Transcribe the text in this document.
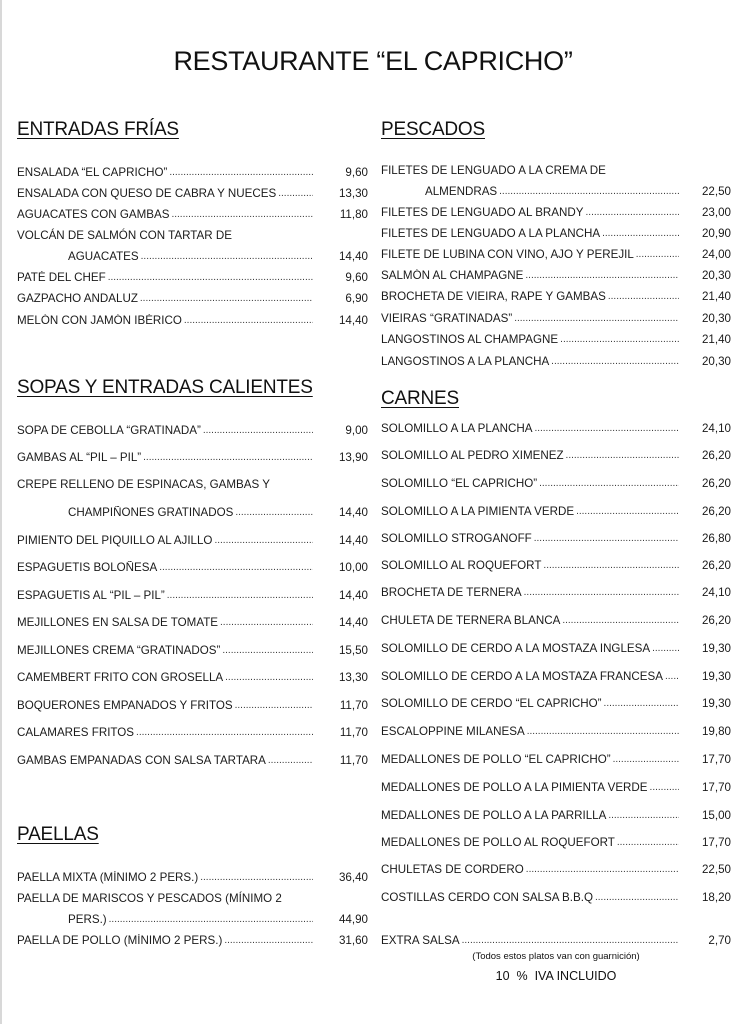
RESTAURANTE “EL CAPRICHO”
ENTRADAS FRÍAS
ENSALADA “EL CAPRICHO” .....	9,60
ENSALADA CON QUESO DE CABRA Y NUECES .....	13,30
AGUACATES CON GAMBAS .....	11,80
VOLCÁN DE SALMÓN CON TARTAR DE
AGUACATES .....	14,40
PATÉ DEL CHEF .....	9,60
GAZPACHO ANDALUZ .....	6,90
MELÓN CON JAMÓN IBÉRICO .....	14,40
SOPAS Y ENTRADAS CALIENTES
SOPA DE CEBOLLA “GRATINADA” .....	9,00
GAMBAS AL “PIL – PIL” .....	13,90
CREPE RELLENO DE ESPINACAS, GAMBAS Y
CHAMPIÑONES GRATINADOS .....	14,40
PIMIENTO DEL PIQUILLO AL AJILLO .....	14,40
ESPAGUETIS BOLOÑESA .....	10,00
ESPAGUETIS AL “PIL – PIL” .....	14,40
MEJILLONES EN SALSA DE TOMATE .....	14,40
MEJILLONES CREMA “GRATINADOS” .....	15,50
CAMEMBERT FRITO CON GROSELLA .....	13,30
BOQUERONES EMPANADOS Y FRITOS .....	11,70
CALAMARES FRITOS .....	11,70
GAMBAS EMPANADAS CON SALSA TARTARA .....	11,70
PAELLAS
PAELLA MIXTA (MÍNIMO 2 PERS.) .....	36,40
PAELLA DE MARISCOS Y PESCADOS (MÍNIMO 2
PERS.) .....	44,90
PAELLA DE POLLO (MÍNIMO 2 PERS.) .....	31,60
PESCADOS
FILETES DE LENGUADO A LA CREMA DE
ALMENDRAS .....	22,50
FILETES DE LENGUADO AL BRANDY .....	23,00
FILETES DE LENGUADO A LA PLANCHA .....	20,90
FILETE DE LUBINA CON VINO, AJO Y PEREJIL .....	24,00
SALMÓN AL CHAMPAGNE .....	20,30
BROCHETA DE VIEIRA, RAPE Y GAMBAS .....	21,40
VIEIRAS “GRATINADAS” .....	20,30
LANGOSTINOS AL CHAMPAGNE .....	21,40
LANGOSTINOS A LA PLANCHA .....	20,30
CARNES
SOLOMILLO A LA PLANCHA .....	24,10
SOLOMILLO AL PEDRO XIMENEZ .....	26,20
SOLOMILLO “EL CAPRICHO” .....	26,20
SOLOMILLO A LA PIMIENTA VERDE .....	26,20
SOLOMILLO STROGANOFF .....	26,80
SOLOMILLO AL ROQUEFORT .....	26,20
BROCHETA DE TERNERA .....	24,10
CHULETA DE TERNERA BLANCA .....	26,20
SOLOMILLO DE CERDO A LA MOSTAZA INGLESA .....	19,30
SOLOMILLO DE CERDO A LA MOSTAZA FRANCESA .....	19,30
SOLOMILLO DE CERDO “EL CAPRICHO” .....	19,30
ESCALOPPINE MILANESA .....	19,80
MEDALLONES DE POLLO “EL CAPRICHO” .....	17,70
MEDALLONES DE POLLO A LA PIMIENTA VERDE .....	17,70
MEDALLONES DE POLLO A LA PARRILLA .....	15,00
MEDALLONES DE POLLO AL ROQUEFORT .....	17,70
CHULETAS DE CORDERO .....	22,50
COSTILLAS CERDO CON SALSA B.B.Q .....	18,20
EXTRA SALSA .....	2,70
(Todos estos platos van con guarnición)
10  %  IVA INCLUIDO
